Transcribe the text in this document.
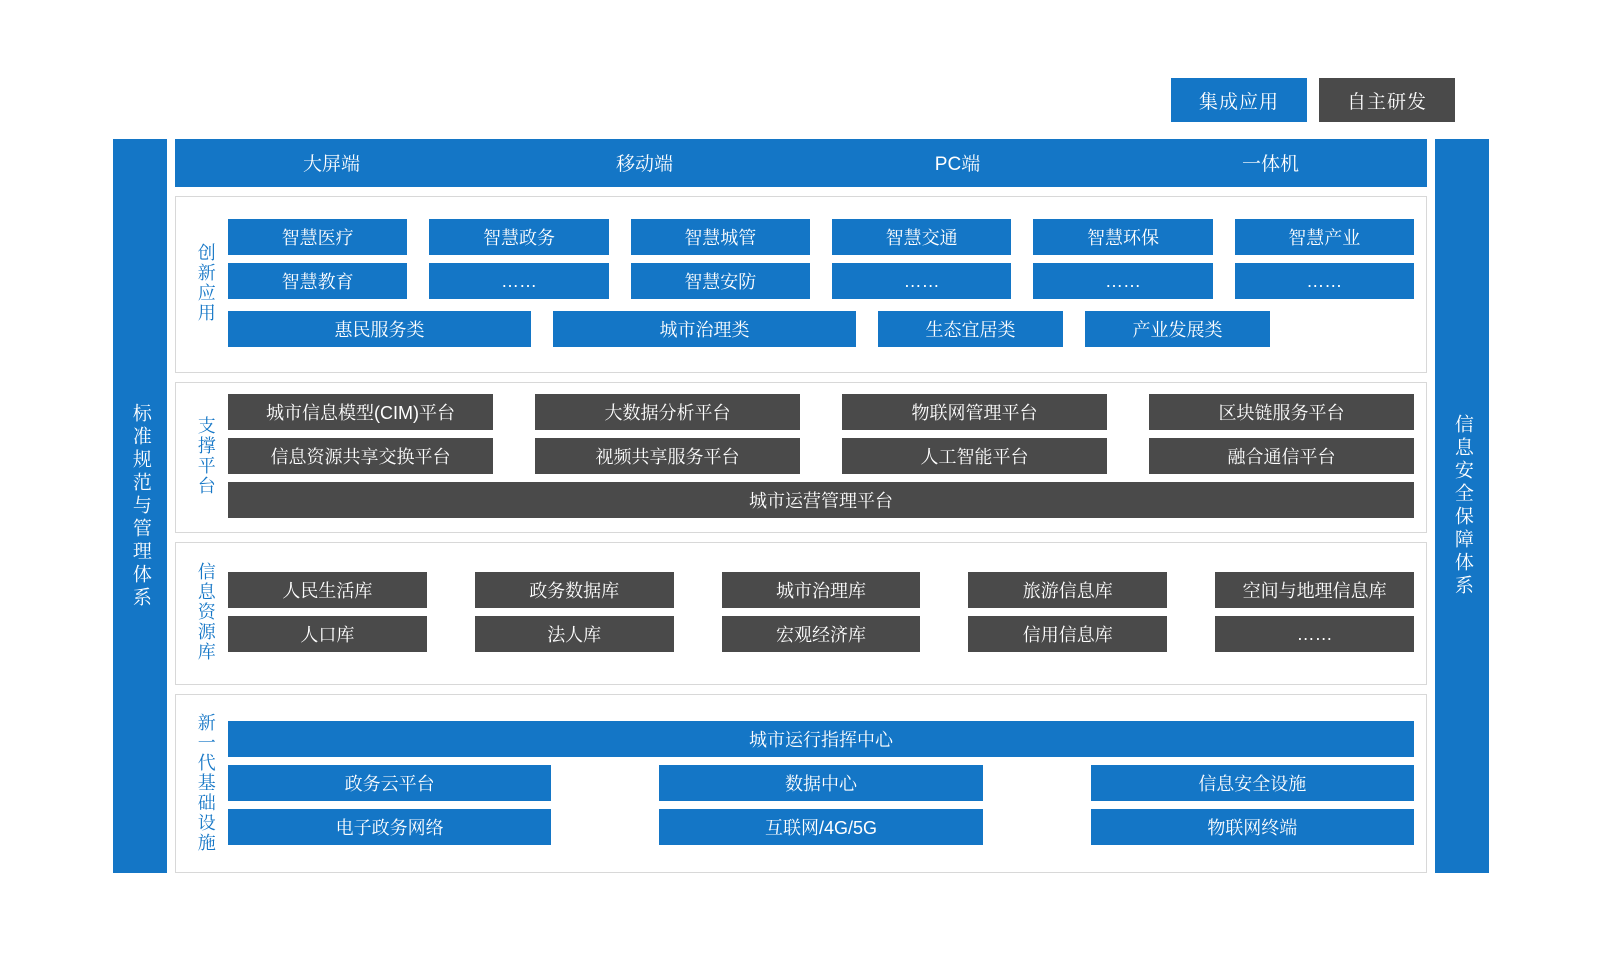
集成应用	自主研发
标准规范与管理体系
大屏端	移动端	PC端	一体机
创新应用
智慧医疗	智慧政务	智慧城管	智慧交通	智慧环保	智慧产业
智慧教育	……	智慧安防	……	……	……
惠民服务类	城市治理类	生态宜居类	产业发展类
支撑平台
城市信息模型(CIM)平台	大数据分析平台	物联网管理平台	区块链服务平台
信息资源共享交换平台	视频共享服务平台	人工智能平台	融合通信平台
城市运营管理平台
信息资源库	人民生活库	政务数据库	城市治理库	旅游信息库	空间与地理信息库
人口库	法人库	宏观经济库	信用信息库	……
新一代基础设施	城市运行指挥中心
政务云平台	数据中心	信息安全设施
电子政务网络	互联网/4G/5G	物联网终端
信息安全保障体系
